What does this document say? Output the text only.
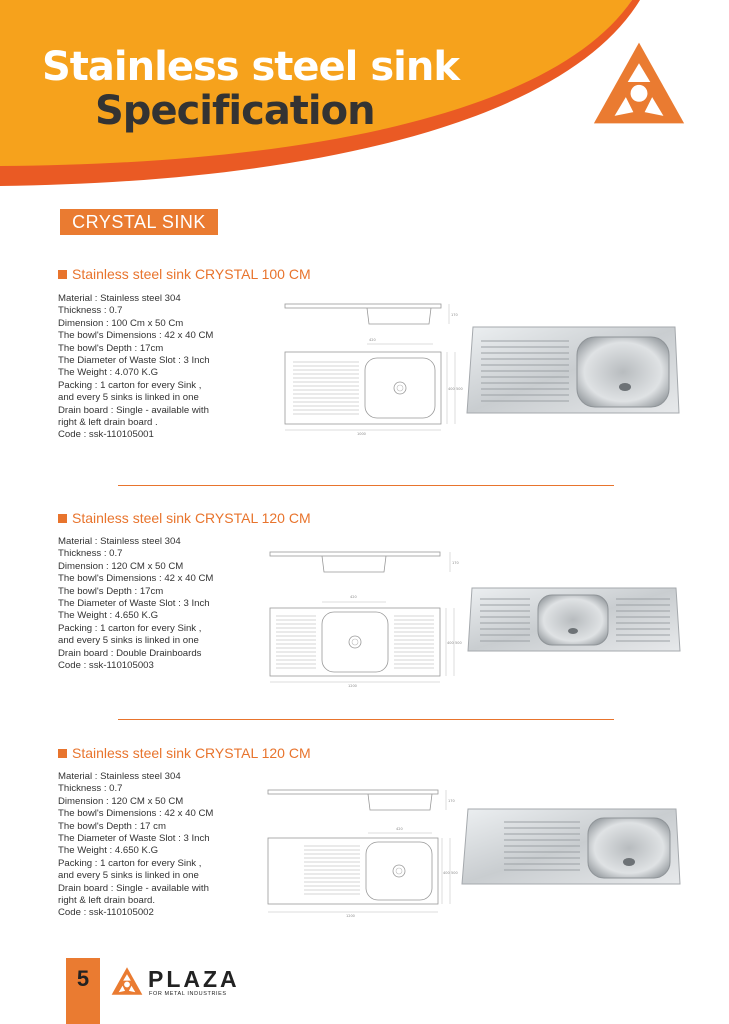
Stainless steel sink
Specification
CRYSTAL SINK
Stainless steel sink CRYSTAL 100 CM
Material : Stainless steel 304
Thickness : 0.7
Dimension : 100 Cm x 50 Cm
The bowl's Dimensions : 42 x 40 CM
The bowl's Depth : 17cm
The Diameter of Waste Slot : 3 Inch
The Weight : 4.070 K.G
Packing : 1 carton for every Sink ,
and every 5 sinks is linked in one
Drain board : Single - available with
right & left drain board .
Code : ssk-110105001
170
420
400 500
1000
Stainless steel sink CRYSTAL 120 CM
Material : Stainless steel 304
Thickness : 0.7
Dimension : 120 CM x 50 CM
The bowl's Dimensions : 42 x 40 CM
The bowl's Depth : 17cm
The Diameter of Waste Slot : 3 Inch
The Weight : 4.650 K.G
Packing : 1 carton for every Sink ,
and every 5 sinks is linked in one
Drain board : Double Drainboards
Code : ssk-110105003
170
420
400 500
1200
Stainless steel sink CRYSTAL 120 CM
Material : Stainless steel 304
Thickness : 0.7
Dimension : 120 CM x 50 CM
The bowl's Dimensions : 42 x 40 CM
The bowl's Depth : 17 cm
The Diameter of Waste Slot : 3 Inch
The Weight : 4.650 K.G
Packing : 1 carton for every Sink ,
and every 5 sinks is linked in one
Drain board : Single - available with
right & left drain board.
Code : ssk-110105002
170
420
400 500
1200
5	PLAZA
FOR METAL INDUSTRIES
